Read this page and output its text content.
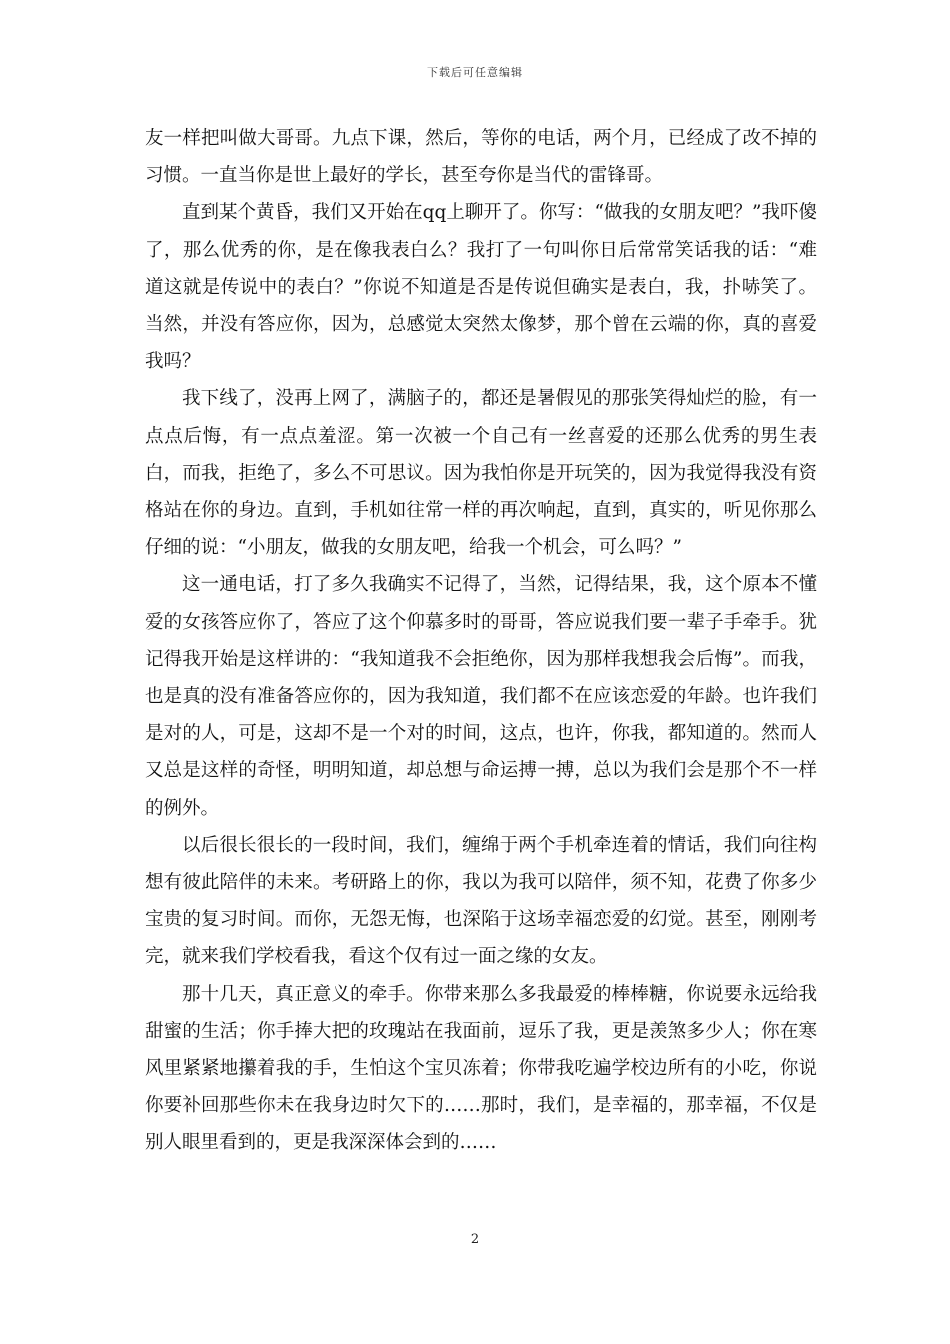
下载后可任意编辑

友一样把叫做大哥哥。九点下课，然后，等你的电话，两个月，已经成了改不掉的习惯。一直当你是世上最好的学长，甚至夸你是当代的雷锋哥。

直到某个黄昏，我们又开始在qq上聊开了。你写：“做我的女朋友吧？”我吓傻了，那么优秀的你，是在像我表白么？我打了一句叫你日后常常笑话我的话：“难道这就是传说中的表白？”你说不知道是否是传说但确实是表白，我，扑哧笑了。当然，并没有答应你，因为，总感觉太突然太像梦，那个曾在云端的你，真的喜爱我吗？

我下线了，没再上网了，满脑子的，都还是暑假见的那张笑得灿烂的脸，有一点点后悔，有一点点羞涩。第一次被一个自己有一丝喜爱的还那么优秀的男生表白，而我，拒绝了，多么不可思议。因为我怕你是开玩笑的，因为我觉得我没有资格站在你的身边。直到，手机如往常一样的再次响起，直到，真实的，听见你那么仔细的说：“小朋友，做我的女朋友吧，给我一个机会，可么吗？”

这一通电话，打了多久我确实不记得了，当然，记得结果，我，这个原本不懂爱的女孩答应你了，答应了这个仰慕多时的哥哥，答应说我们要一辈子手牵手。犹记得我开始是这样讲的：“我知道我不会拒绝你，因为那样我想我会后悔”。而我，也是真的没有准备答应你的，因为我知道，我们都不在应该恋爱的年龄。也许我们是对的人，可是，这却不是一个对的时间，这点，也许，你我，都知道的。然而人又总是这样的奇怪，明明知道，却总想与命运搏一搏，总以为我们会是那个不一样的例外。

以后很长很长的一段时间，我们，缠绵于两个手机牵连着的情话，我们向往构想有彼此陪伴的未来。考研路上的你，我以为我可以陪伴，须不知，花费了你多少宝贵的复习时间。而你，无怨无悔，也深陷于这场幸福恋爱的幻觉。甚至，刚刚考完，就来我们学校看我，看这个仅有过一面之缘的女友。

那十几天，真正意义的牵手。你带来那么多我最爱的棒棒糖，你说要永远给我甜蜜的生活；你手捧大把的玫瑰站在我面前，逗乐了我，更是羡煞多少人；你在寒风里紧紧地攥着我的手，生怕这个宝贝冻着；你带我吃遍学校边所有的小吃，你说你要补回那些你未在我身边时欠下的……那时，我们，是幸福的，那幸福，不仅是别人眼里看到的，更是我深深体会到的……

2
